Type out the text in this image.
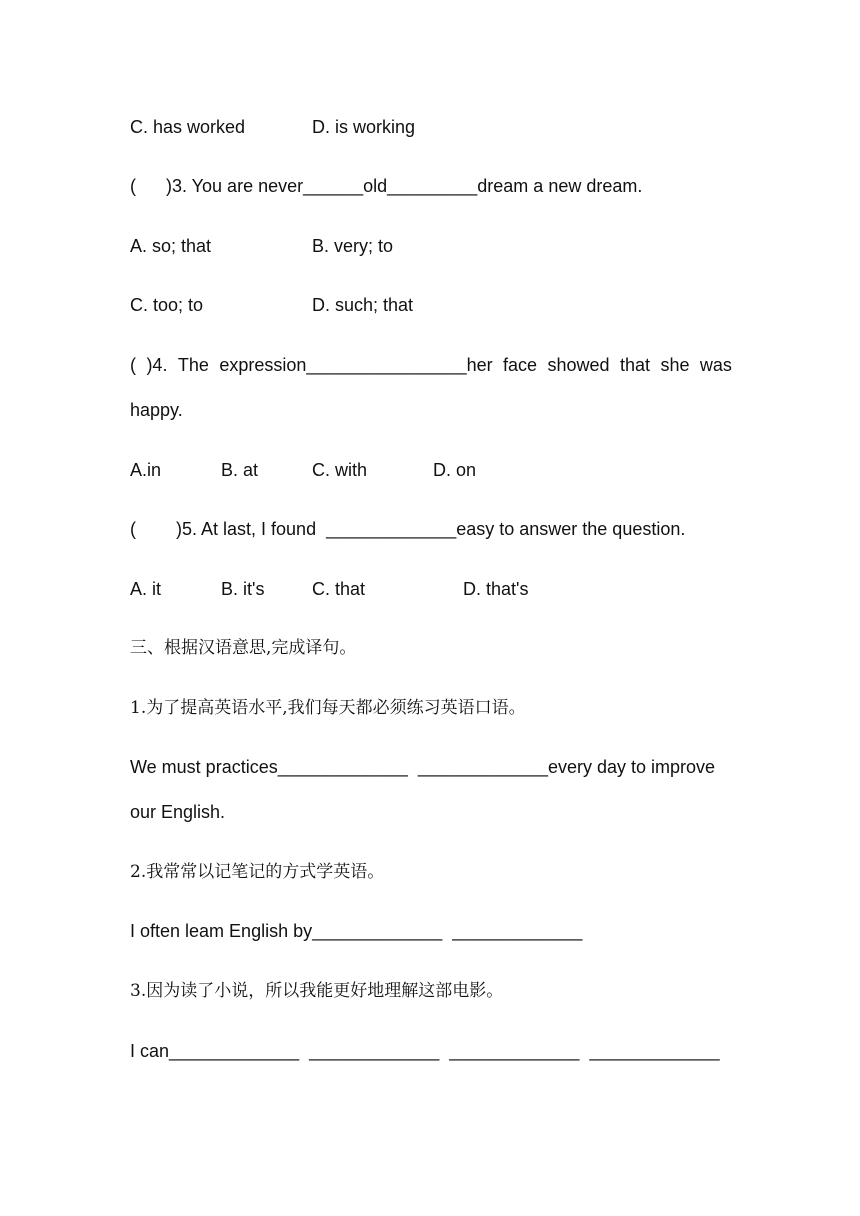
C. has worked	D. is working
(      )3. You are never______old_________dream a new dream.
A. so; that	B. very; to
C. too; to	D. such; that
( )4. The expression________________her face showed that she was
happy.
A.in	B. at	C. with	D. on
(        )5. At last, I found  _____________easy to answer the question.
A. it	B. it's	C. that	D. that's
三、根据汉语意思,完成译句。
1.为了提高英语水平,我们每天都必须练习英语口语。
We must practices_____________  _____________every day to improve
our English.
2.我常常以记笔记的方式学英语。
I often leam English by_____________  _____________
3.因为读了小说，所以我能更好地理解这部电影。
I can_____________  _____________  _____________  _____________
